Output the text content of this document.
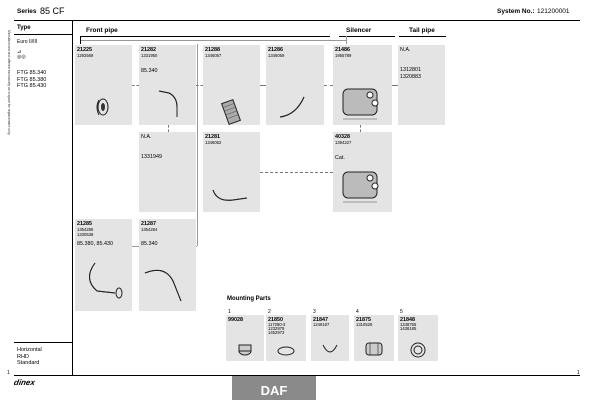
Series 85 CF	System No.: 121200001
Type
Euro II/III
⊿
◎◎
FTG 85.340
FTG 85.380
FTG 85.430
Horizontal
RHD
Standard
Manufactured and offered exclusively as a spare for replacement only.
1
Front pipe	Silencer	Tail pipe
21225
1292569
21282
1331950
85.340
21288
1346057
21286
1346059
21486
1955789
N.A.
1312801
1320883
N.A.
1331949
21281
1346062
40328
1394227
Cat.
21285
1354286
1330538
85.380, 85.430
21287
1354284
85.340
Mounting Parts
1
99028
2
21850
117280-3
1232979
1452973
3
21847
1249187
4
21875
1310528
5
21848
1248765
1436185
dinex
DAF
1
